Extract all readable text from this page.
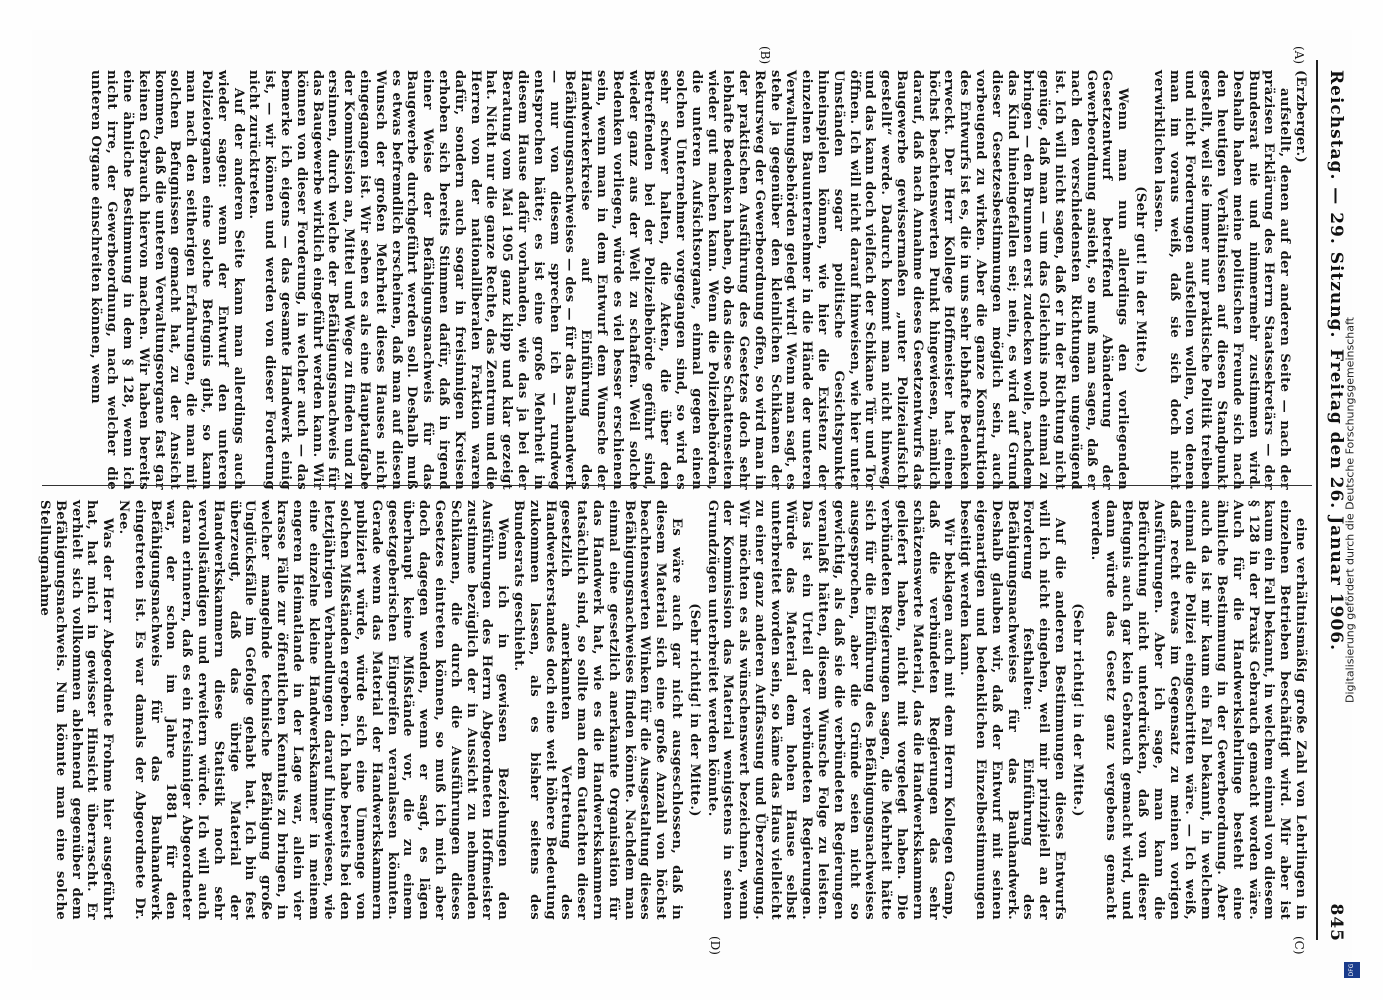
Reichstag. — 29. Sitzung.
Freitag den 26. Januar 1906.
845
(A)
(B)
(C)
(D)

(Erzberger.)

aufstellt, denen auf der anderen Seite — nach der präzisen Erklärung des Herrn Staatssekretärs — der Bundesrat nie und nimmermehr zustimmen wird. Deshalb haben meine politischen Freunde sich nach den heutigen Verhältnissen auf diesen Standpunkt gestellt, weil sie immer nur praktische Politik treiben und nicht Forderungen aufstellen wollen, von denen man im voraus weiß, daß sie sich doch nicht verwirklichen lassen.

(Sehr gut! in der Mitte.)

Wenn man nun allerdings den vorliegenden Gesetzentwurf betreffend Abänderung der Gewerbeordnung ansieht, so muß man sagen, daß er nach den verschiedensten Richtungen ungenügend ist. Ich will nicht sagen, daß er in der Richtung nicht genüge, daß man — um das Gleichnis noch einmal zu bringen — den Brunnen erst zudecken wolle, nachdem das Kind hineingefallen sei; nein, es wird auf Grund dieser Gesetzesbestimmungen möglich sein, auch vorbeugend zu wirken. Aber die ganze Konstruktion des Entwurfs ist es, die in uns sehr lebhafte Bedenken erweckt. Der Herr Kollege Hoffmeister hat einen höchst beachtenswerten Punkt hingewiesen, nämlich darauf, daß nach Annahme dieses Gesetzentwurfs das Baugewerbe gewissermaßen „unter Polizeiaufsicht gestellt“ werde. Dadurch kommt man nicht hinweg, und das kann doch vielfach der Schikane Tür und Tor öffnen. Ich will nicht darauf hinweisen, wie hier unter Umständen sogar politische Gesichtspunkte hineinspielen können, wie hier die Existenz der einzelnen Bauunternehmer in die Hände der unteren Verwaltungsbehörden gelegt wird! Wenn man sagt, es stehe ja gegenüber den kleinlichen Schikanen der Rekursweg der Gewerbeordnung offen, so wird man in der praktischen Ausführung des Gesetzes doch sehr lebhafte Bedenken haben, ob das diese Schattenseiten wieder gut machen kann. Wenn die Polizeibehörden, die unteren Aufsichtsorgane, einmal gegen einen solchen Unternehmer vorgegangen sind, so wird es sehr schwer halten, die Akten, die über den Betreffenden bei der Polizeibehörde geführt sind, wieder ganz aus der Welt zu schaffen. Weil solche Bedenken vorliegen, würde es viel besser erschienen sein, wenn man in dem Entwurf dem Wunsche der Handwerkerkreise auf Einführung des Befähigungsnachweises — des — für das Bauhandwerk — nur von diesem sprechen ich — rundweg entsprochen hätte; es ist eine große Mehrheit in diesem Hause dafür vorhanden, wie das ja bei der Beratung vom Mai 1905 ganz klipp und klar gezeigt hat. Nicht nur die ganze Rechte, das Zentrum und die Herren von der nationalliberalen Fraktion waren dafür, sondern auch sogar in freisinnigen Kreisen erhoben sich bereits Stimmen dafür, daß in irgend einer Weise der Befähigungsnachweis für das Baugewerbe durchgeführt werden soll. Deshalb muß es etwas befremdlich erscheinen, daß man auf diesen Wunsch der großen Mehrheit dieses Hauses nicht eingegangen ist. Wir sehen es als eine Hauptaufgabe der Kommission an, Mittel und Wege zu finden und zu ersinnen, durch welche der Befähigungsnachweis für das Baugewerbe wirklich eingeführt werden kann. Wir können von dieser Forderung, in welcher auch — das bemerke ich eigens — das gesamte Handwerk einig ist, — wir können und werden von dieser Forderung nicht zurücktreten.

Auf der anderen Seite kann man allerdings auch wieder sagen: wenn der Entwurf den unteren Polizeiorganen eine solche Befugnis gibt, so kann man nach den seitherigen Erfahrungen, die man mit solchen Befugnissen gemacht hat, zu der Ansicht kommen, daß die unteren Verwaltungsorgane fast gar keinen Gebrauch hiervon machen. Wir haben bereits eine ähnliche Bestimmung in dem § 128, wenn ich nicht irre, der Gewerbeordnung, nach welcher die unteren Organe einschreiten können, wenn

eine verhältnismäßig große Zahl von Lehrlingen in einzelnen Betrieben beschäftigt wird. Mir aber ist kaum ein Fall bekannt, in welchem einmal von diesem § 128 in der Praxis Gebrauch gemacht worden wäre. Auch für die Handwerkslehrlinge besteht eine ähnliche Bestimmung in der Gewerbeordnung. Aber auch da ist mir kaum ein Fall bekannt, in welchem einmal die Polizei eingeschritten wäre. — Ich weiß, daß recht etwas im Gegensatz zu meinen vorigen Ausführungen. Aber ich sage, man kann die Befürchtung nicht unterdrücken, daß von dieser Befugnis auch gar kein Gebrauch gemacht wird, und dann würde das Gesetz ganz vergebens gemacht werden.

(Sehr richtig! in der Mitte.)

Auf die anderen Bestimmungen dieses Entwurfs will ich nicht eingehen, weil mir prinzipiell an der Forderung festhalten: Einführung des Befähigungsnachweises für das Bauhandwerk. Deshalb glauben wir, daß der Entwurf mit seinen eigenartigen und bedenklichen Einzelbestimmungen beseitigt werden kann.

Wir beklagen auch mit dem Herrn Kollegen Gamp, daß die verbündeten Regierungen das sehr schätzenswerte Material, das die Handwerkskammern geliefert haben, nicht mit vorgelegt haben. Die verbündeten Regierungen sagen, die Mehrheit hätte sich für die Einführung des Befähigungsnachweises ausgesprochen, aber die Gründe seien nicht so gewichtig, als daß sie die verbündeten Regierungen veranlaßt hätten, diesem Wunsche Folge zu leisten. Das ist ein Urteil der verbündeten Regierungen. Würde das Material dem hohen Hause selbst unterbreitet worden sein, so käme das Haus vielleicht zu einer ganz anderen Auffassung und Überzeugung. Wir möchten es als wünschenswert bezeichnen, wenn der Kommission das Material wenigstens in seinen Grundzügen unterbreitet werden könnte.

(Sehr richtig! in der Mitte.)

Es wäre auch gar nicht ausgeschlossen, daß in diesem Material sich eine große Anzahl von höchst beachtenswerten Winken für die Ausgestaltung dieses Befähigungsnachweises finden könnte. Nachdem man einmal eine gesetzlich anerkannte Organisation für das Handwerk hat, wie es die Handwerkskammern tatsächlich sind, so sollte man dem Gutachten dieser gesetzlich anerkannten Vertretung des Handwerkerstandes doch eine weit höhere Bedeutung zukommen lassen, als es bisher seitens des Bundesrats geschieht.

Wenn ich in gewissen Beziehungen den Ausführungen des Herrn Abgeordneten Hoffmeister zustimme bezüglich der in Aussicht zu nehmenden Schikanen, die durch die Ausführungen dieses Gesetzes eintreten können, so muß ich mich aber doch dagegen wenden, wenn er sagt, es lägen überhaupt keine Mißstände vor, die zu einem gesetzgeberischen Eingreifen veranlassen könnten. Gerade wenn das Material der Handwerkskammern publiziert würde, würde sich eine Unmenge von solchen Mißständen ergeben. Ich habe bereits bei den letztjährigen Verhandlungen darauf hingewiesen, wie eine einzelne kleine Handwerkskammer in meinem engeren Heimatlande in der Lage war, allein vier krasse Fälle zur öffentlichen Kenntnis zu bringen, in welcher mangelnde technische Befähigung große Unglücksfälle im Gefolge gehabt hat. Ich bin fest überzeugt, daß das übrige Material der Handwerkskammern diese Statistik noch sehr vervollständigen und erweitern würde. Ich will auch daran erinnern, daß es ein freisinniger Abgeordneter war, der schon im Jahre 1881 für den Befähigungsnachweis für das Bauhandwerk eingetreten ist. Es war damals der Abgeordnete Dr. Nee.

Was der Herr Abgeordnete Frohme hier ausgeführt hat, hat mich in gewisser Hinsicht überrascht. Er verhielt sich vollkommen ablehnend gegenüber dem Befähigungsnachweis. Nun könnte man eine solche Stellungnahme	Digitalisierung gefördert durch die Deutsche Forschungsgemeinschaft
DFG
